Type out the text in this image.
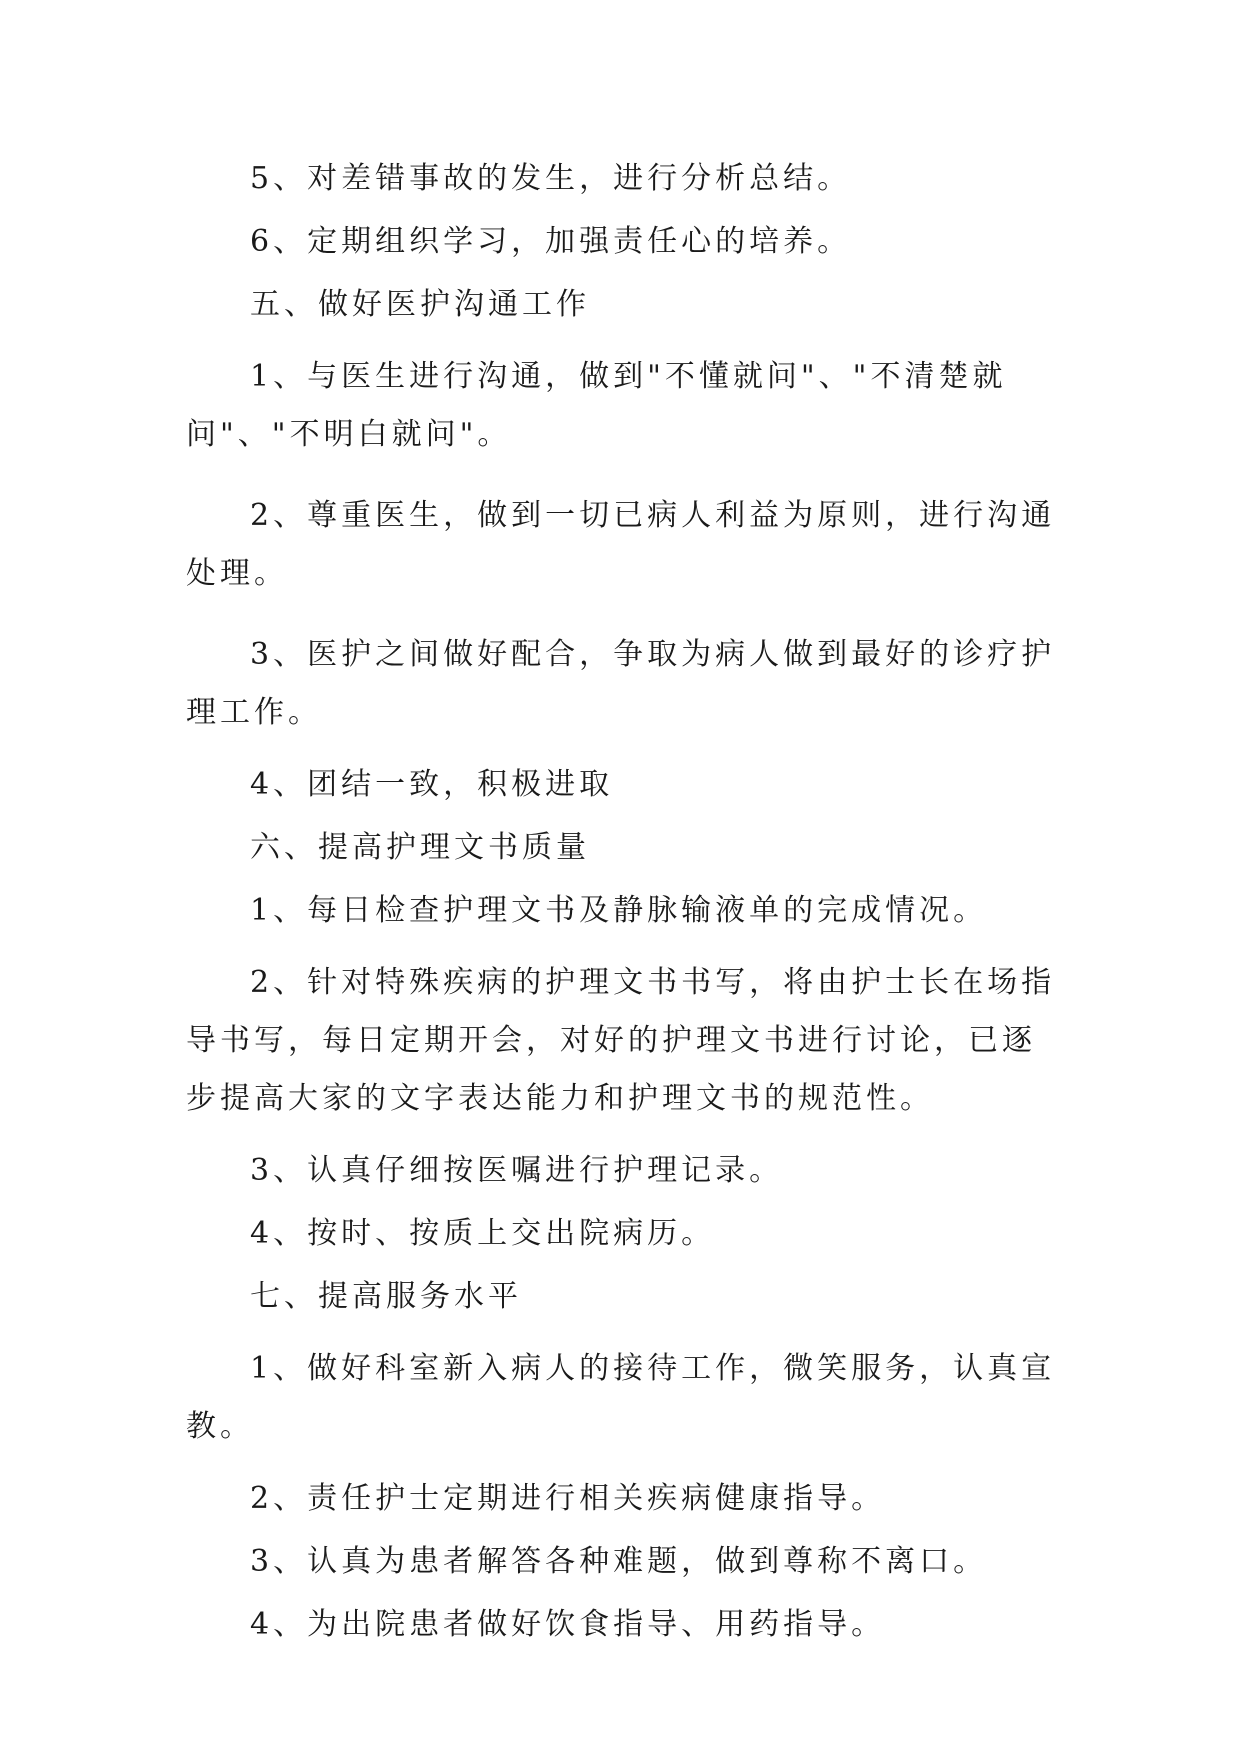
5、对差错事故的发生，进行分析总结。

6、定期组织学习，加强责任心的培养。

五、做好医护沟通工作

1、与医生进行沟通，做到"不懂就问"、"不清楚就问"、"不明白就问"。

2、尊重医生，做到一切已病人利益为原则，进行沟通处理。

3、医护之间做好配合，争取为病人做到最好的诊疗护理工作。

4、团结一致，积极进取

六、提高护理文书质量

1、每日检查护理文书及静脉输液单的完成情况。

2、针对特殊疾病的护理文书书写，将由护士长在场指导书写，每日定期开会，对好的护理文书进行讨论，已逐步提高大家的文字表达能力和护理文书的规范性。

3、认真仔细按医嘱进行护理记录。

4、按时、按质上交出院病历。

七、提高服务水平

1、做好科室新入病人的接待工作，微笑服务，认真宣教。

2、责任护士定期进行相关疾病健康指导。

3、认真为患者解答各种难题，做到尊称不离口。

4、为出院患者做好饮食指导、用药指导。
